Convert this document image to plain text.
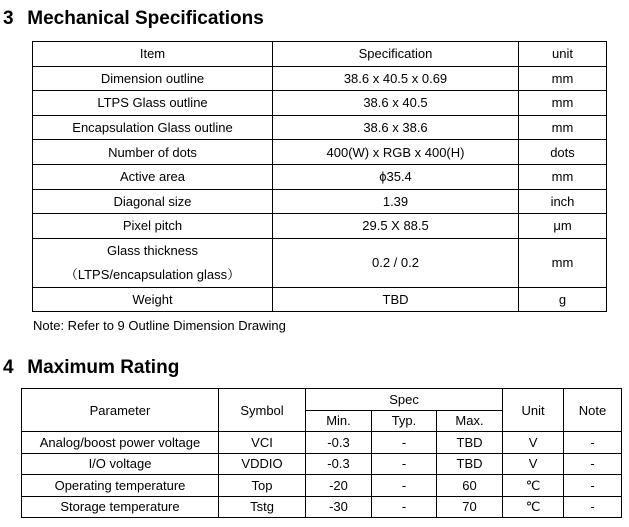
3 Mechanical Specifications
Item	Specification	unit
Dimension outline	38.6 x 40.5 x 0.69	mm
LTPS Glass outline	38.6 x 40.5	mm
Encapsulation Glass outline	38.6 x 38.6	mm
Number of dots	400(W) x RGB x 400(H)	dots
Active area	ϕ35.4	mm
Diagonal size	1.39	inch
Pixel pitch	29.5 X 88.5	μm

Glass thickness
（LTPS/encapsulation glass）	0.2 / 0.2	mm
Weight	TBD	g
Note: Refer to 9 Outline Dimension Drawing
4 Maximum Rating
Parameter	Symbol	Spec			Unit	Note
		Min.	Typ.	Max.		
Analog/boost power voltage	VCI	-0.3	-	TBD	V	-
I/O voltage	VDDIO	-0.3	-	TBD	V	-
Operating temperature	Top	-20	-	60	℃	-
Storage temperature	Tstg	-30	-	70	℃	-
